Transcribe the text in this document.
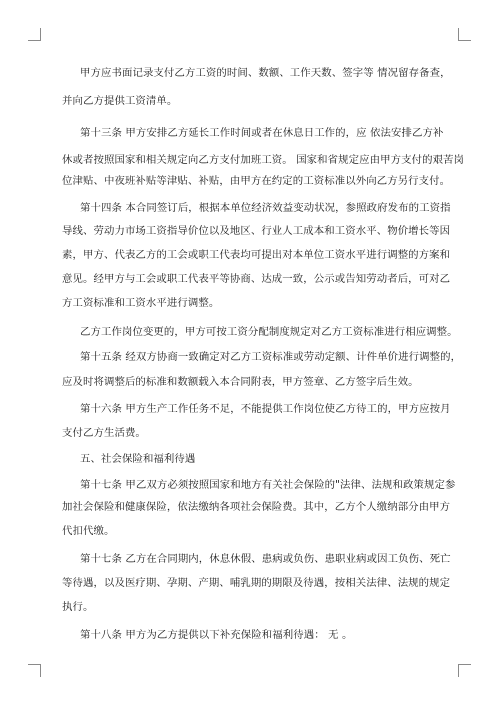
甲方应书面记录支付乙方工资的时间、数额、工作天数、签字等 情况留存备查，
并向乙方提供工资清单。
第十三条 甲方安排乙方延长工作时间或者在休息日工作的，应 依法安排乙方补
休或者按照国家和相关规定向乙方支付加班工资。 国家和省规定应由甲方支付的艰苦岗
位津贴、中夜班补贴等津贴、补贴，由甲方在约定的工资标准以外向乙方另行支付。
第十四条 本合同签订后，根据本单位经济效益变动状况，参照政府发布的工资指
导线、劳动力市场工资指导价位以及地区、行业人工成本和工资水平、物价增长等因
素，甲方、代表乙方的工会或职工代表均可提出对本单位工资水平进行调整的方案和
意见。经甲方与工会或职工代表平等协商、达成一致，公示或告知劳动者后，可对乙
方工资标准和工资水平进行调整。
乙方工作岗位变更的，甲方可按工资分配制度规定对乙方工资标准进行相应调整。
第十五条 经双方协商一致确定对乙方工资标准或劳动定额、计件单价进行调整的，
应及时将调整后的标准和数额载入本合同附表，甲方签章、乙方签字后生效。
第十六条 甲方生产工作任务不足，不能提供工作岗位使乙方待工的，甲方应按月
支付乙方生活费。
五、社会保险和福利待遇
第十七条 甲乙双方必须按照国家和地方有关社会保险的"法律、法规和政策规定参
加社会保险和健康保险，依法缴纳各项社会保险费。其中，乙方个人缴纳部分由甲方
代扣代缴。
第十七条 乙方在合同期内，休息休假、患病或负伤、患职业病或因工负伤、死亡
等待遇，以及医疗期、孕期、产期、哺乳期的期限及待遇，按相关法律、法规的规定
执行。
第十八条 甲方为乙方提供以下补充保险和福利待遇： 无 。
